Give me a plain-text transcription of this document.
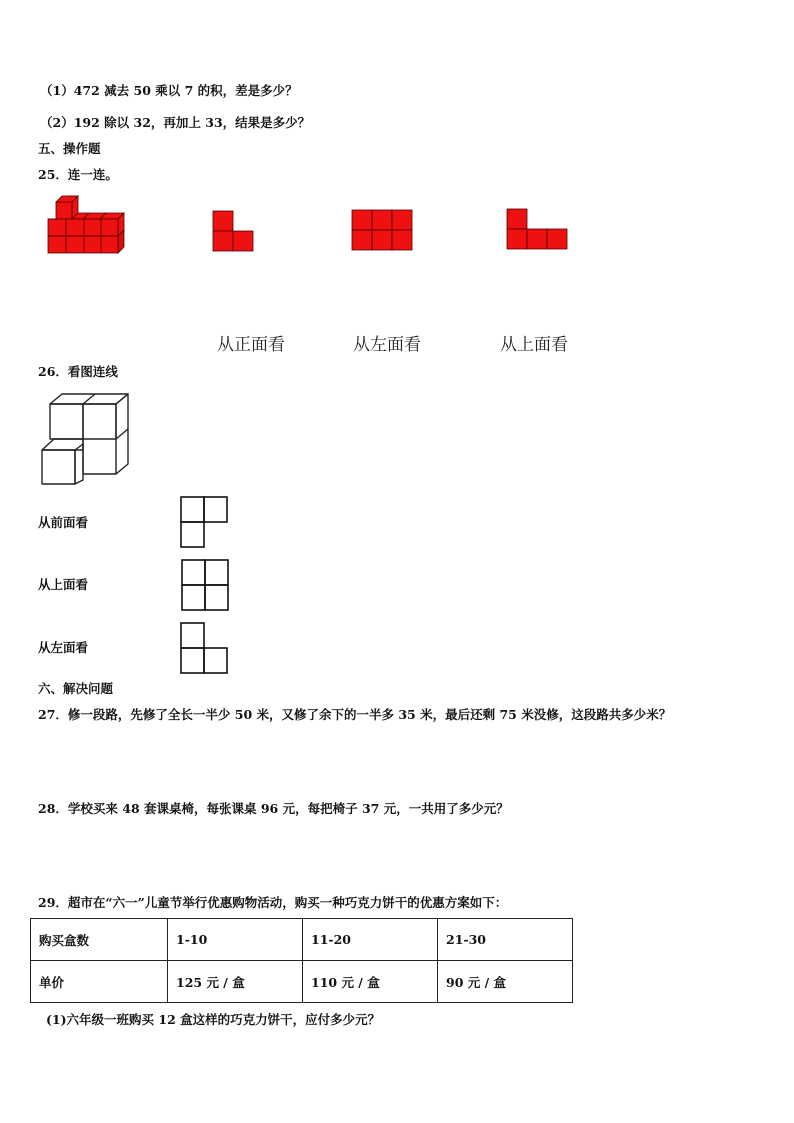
（1）472 减去 50 乘以 7 的积，差是多少？
（2）192 除以 32，再加上 33，结果是多少？
五、操作题
25．连一连。
从正面看	从左面看	从上面看
26．看图连线
从前面看
从上面看
从左面看
六、解决问题
27．修一段路，先修了全长一半少 50 米，又修了余下的一半多 35 米，最后还剩 75 米没修，这段路共多少米？
28．学校买来 48 套课桌椅，每张课桌 96 元，每把椅子 37 元，一共用了多少元？
29．超市在“六一”儿童节举行优惠购物活动，购买一种巧克力饼干的优惠方案如下：
购买盒数	1-10	11-20	21-30
单价	125 元 / 盒	110 元 / 盒	90 元 / 盒
(1)六年级一班购买 12 盒这样的巧克力饼干，应付多少元？
